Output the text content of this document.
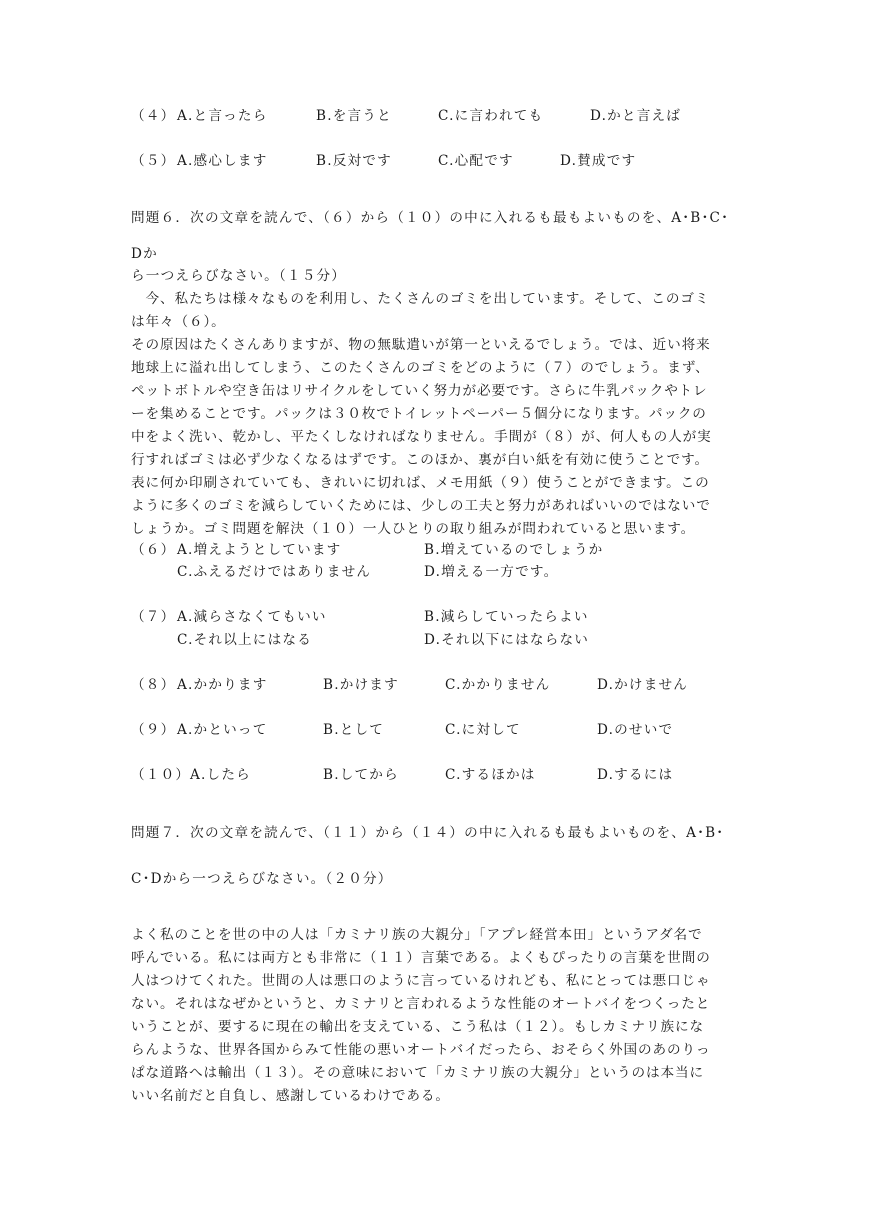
（４） A.と言ったら	B.を言うと	C.に言われても	D.かと言えば
（５） A.感心します	B.反対です	C.心配です	D.賛成です
問題６．次の文章を読んで、（６）から（１０）の中に入れるも最もよいものを、A･B･C･
Dか
ら一つえらびなさい。（１５分）
　今、私たちは様々なものを利用し、たくさんのゴミを出しています。そして、このゴミ
は年々（６）。
その原因はたくさんありますが、物の無駄遣いが第一といえるでしょう。では、近い将来
地球上に溢れ出してしまう、このたくさんのゴミをどのように（７）のでしょう。まず、
ペットボトルや空き缶はリサイクルをしていく努力が必要です。さらに牛乳パックやトレ
ーを集めることです。パックは３０枚でトイレットペーパー５個分になります。パックの
中をよく洗い、乾かし、平たくしなければなりません。手間が（８）が、何人もの人が実
行すればゴミは必ず少なくなるはずです。このほか、裏が白い紙を有効に使うことです。
表に何か印刷されていても、きれいに切れば、メモ用紙（９）使うことができます。この
ように多くのゴミを減らしていくためには、少しの工夫と努力があればいいのではないで
しょうか。ゴミ問題を解決（１０）一人ひとりの取り組みが問われていると思います。
（６） A.増えようとしています	B.増えているのでしょうか
C.ふえるだけではありません	D.増える一方です。
（７） A.減らさなくてもいい	B.減らしていったらよい
C.それ以上にはなる	D.それ以下にはならない
（８） A.かかります	B.かけます	C.かかりません	D.かけません
（９） A.かといって	B.として	C.に対して	D.のせいで
（１０） A.したら	B.してから	C.するほかは	D.するには
問題７．次の文章を読んで、（１１）から（１４）の中に入れるも最もよいものを、A･B･
C･Dから一つえらびなさい。（２０分）
よく私のことを世の中の人は「カミナリ族の大親分」「アプレ経営本田」というアダ名で
呼んでいる。私には両方とも非常に（１１）言葉である。よくもぴったりの言葉を世間の
人はつけてくれた。世間の人は悪口のように言っているけれども、私にとっては悪口じゃ
ない。それはなぜかというと、カミナリと言われるような性能のオートバイをつくったと
いうことが、要するに現在の輸出を支えている、こう私は（１２）。もしカミナリ族にな
らんような、世界各国からみて性能の悪いオートバイだったら、おそらく外国のあのりっ
ぱな道路へは輸出（１３）。その意味において「カミナリ族の大親分」というのは本当に
いい名前だと自負し、感謝しているわけである。
